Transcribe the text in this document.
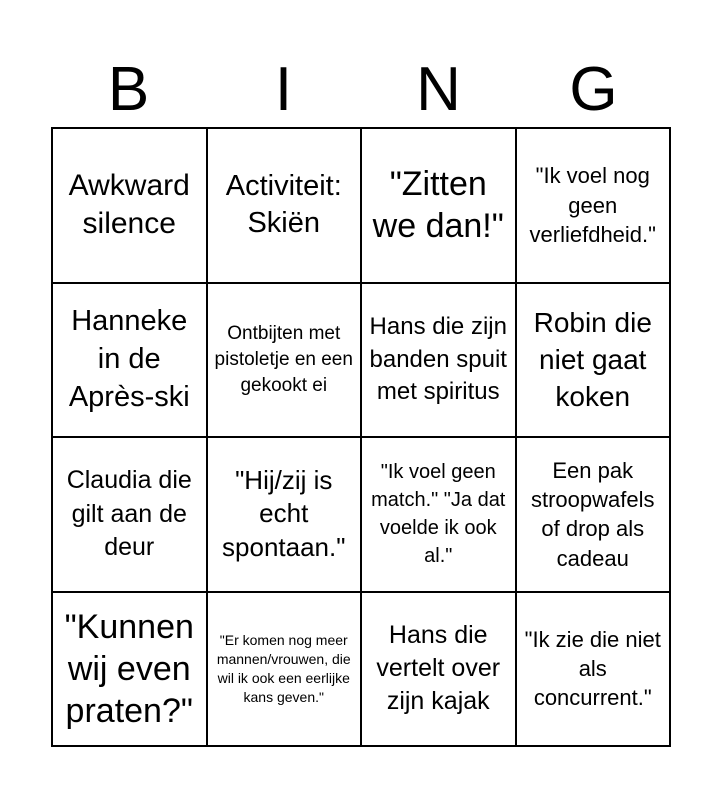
B	I	N	G
Awkward silence
Activiteit: Skiën
"Zitten we dan!"
"Ik voel nog geen verliefdheid."
Hanneke in de Après-ski
Ontbijten met pistoletje en een gekookt ei
Hans die zijn banden spuit met spiritus
Robin die niet gaat koken
Claudia die gilt aan de deur
"Hij/zij is echt spontaan."
"Ik voel geen match." "Ja dat voelde ik ook al."
Een pak stroopwafels of drop als cadeau
"Kunnen wij even praten?"
"Er komen nog meer mannen/vrouwen, die wil ik ook een eerlijke kans geven."
Hans die vertelt over zijn kajak
"Ik zie die niet als concurrent."
